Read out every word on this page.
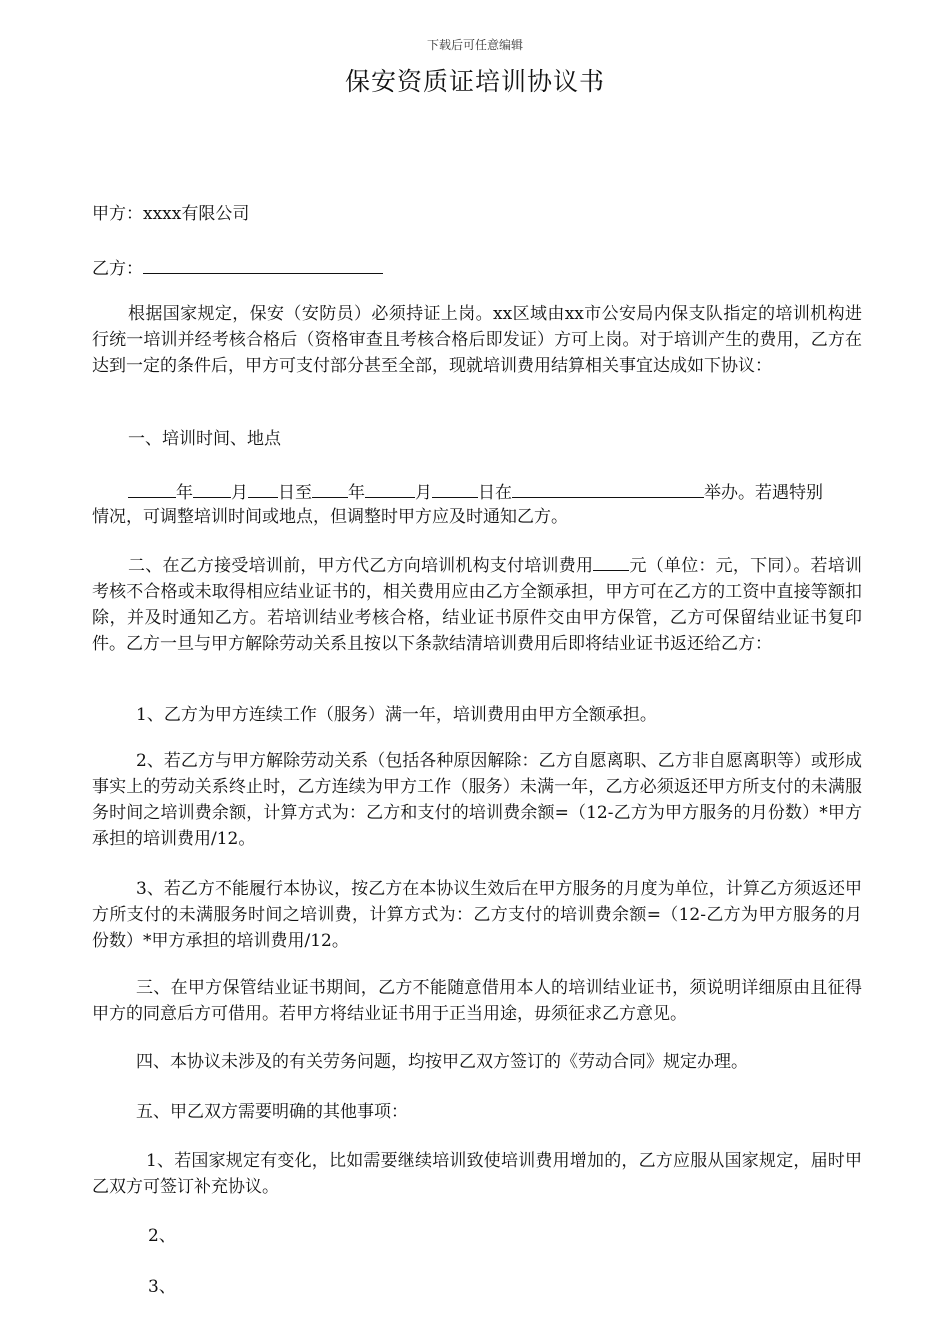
下载后可任意编辑
保安资质证培训协议书
甲方：xxxx有限公司
乙方：

根据国家规定，保安（安防员）必须持证上岗。xx区域由xx市公安局内保支队指定的培训机构进行统一培训并经考核合格后（资格审查且考核合格后即发证）方可上岗。对于培训产生的费用，乙方在达到一定的条件后，甲方可支付部分甚至全部，现就培训费用结算相关事宜达成如下协议：

一、培训时间、地点
年 月 日至 年	月	日在	举办。若遇特别
情况，可调整培训时间或地点，但调整时甲方应及时通知乙方。

二、在乙方接受培训前，甲方代乙方向培训机构支付培训费用 元（单位：元，下同）。若培训考核不合格或未取得相应结业证书的，相关费用应由乙方全额承担，甲方可在乙方的工资中直接等额扣除，并及时通知乙方。若培训结业考核合格，结业证书原件交由甲方保管，乙方可保留结业证书复印件。乙方一旦与甲方解除劳动关系且按以下条款结清培训费用后即将结业证书返还给乙方：

1、乙方为甲方连续工作（服务）满一年，培训费用由甲方全额承担。

2、若乙方与甲方解除劳动关系（包括各种原因解除：乙方自愿离职、乙方非自愿离职等）或形成事实上的劳动关系终止时，乙方连续为甲方工作（服务）未满一年，乙方必须返还甲方所支付的未满服务时间之培训费余额，计算方式为：乙方和支付的培训费余额=（12-乙方为甲方服务的月份数）*甲方承担的培训费用/12。

3、若乙方不能履行本协议，按乙方在本协议生效后在甲方服务的月度为单位，计算乙方须返还甲方所支付的未满服务时间之培训费，计算方式为：乙方支付的培训费余额=（12-乙方为甲方服务的月份数）*甲方承担的培训费用/12。

三、在甲方保管结业证书期间，乙方不能随意借用本人的培训结业证书，须说明详细原由且征得甲方的同意后方可借用。若甲方将结业证书用于正当用途，毋须征求乙方意见。

四、本协议未涉及的有关劳务问题，均按甲乙双方签订的《劳动合同》规定办理。
五、甲乙双方需要明确的其他事项：

1、若国家规定有变化，比如需要继续培训致使培训费用增加的，乙方应服从国家规定，届时甲乙双方可签订补充协议。

2、
3、
